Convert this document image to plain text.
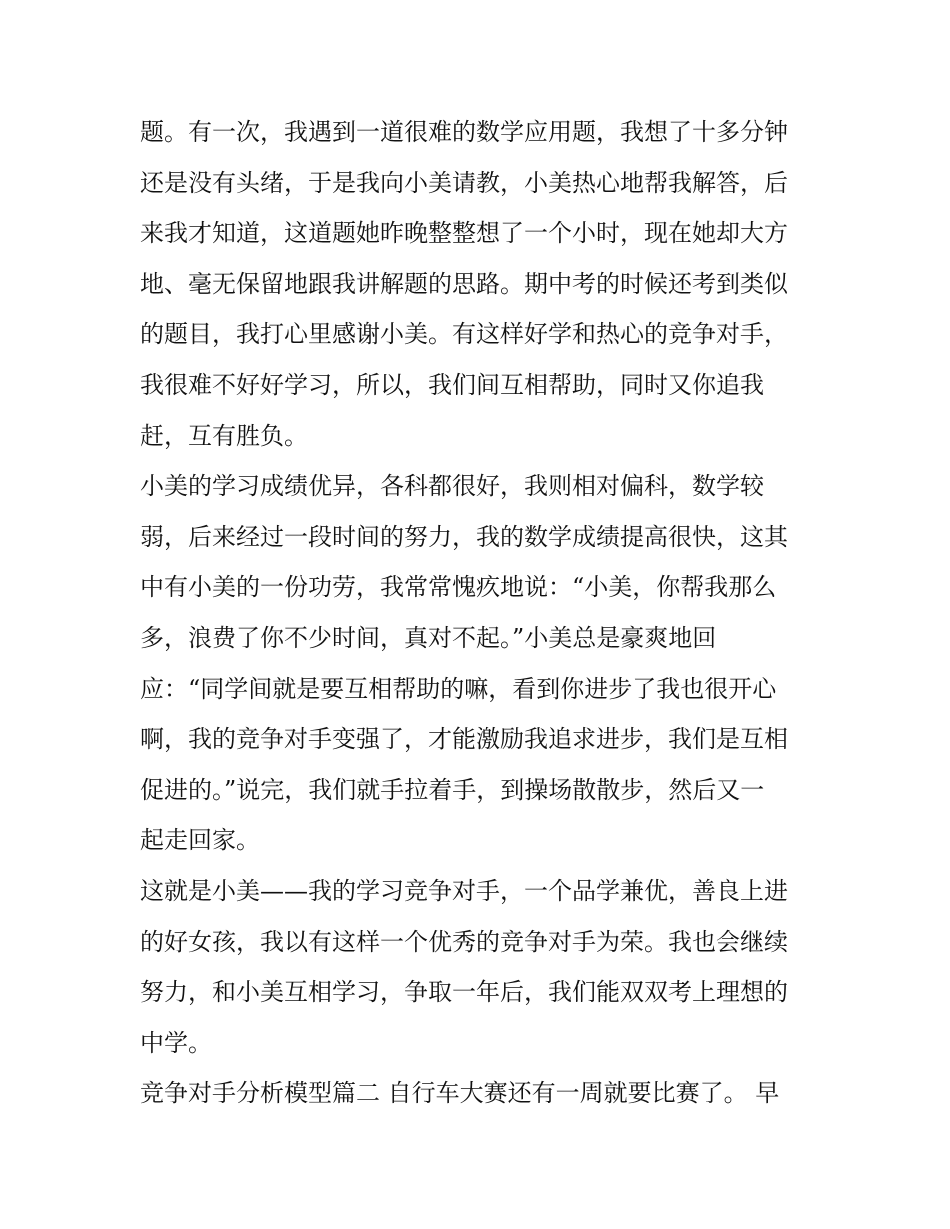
题。有一次，我遇到一道很难的数学应用题，我想了十多分钟
还是没有头绪，于是我向小美请教，小美热心地帮我解答，后
来我才知道，这道题她昨晚整整想了一个小时，现在她却大方
地、毫无保留地跟我讲解题的思路。期中考的时候还考到类似
的题目，我打心里感谢小美。有这样好学和热心的竞争对手，
我很难不好好学习，所以，我们间互相帮助，同时又你追我
赶，互有胜负。
小美的学习成绩优异，各科都很好，我则相对偏科，数学较
弱，后来经过一段时间的努力，我的数学成绩提高很快，这其
中有小美的一份功劳，我常常愧疚地说：“小美，你帮我那么
多，浪费了你不少时间，真对不起。”小美总是豪爽地回
应：“同学间就是要互相帮助的嘛，看到你进步了我也很开心
啊，我的竞争对手变强了，才能激励我追求进步，我们是互相
促进的。”说完，我们就手拉着手，到操场散散步，然后又一
起走回家。
这就是小美——我的学习竞争对手，一个品学兼优，善良上进
的好女孩，我以有这样一个优秀的竞争对手为荣。我也会继续
努力，和小美互相学习，争取一年后，我们能双双考上理想的
中学。
竞争对手分析模型篇二 自行车大赛还有一周就要比赛了。 早
